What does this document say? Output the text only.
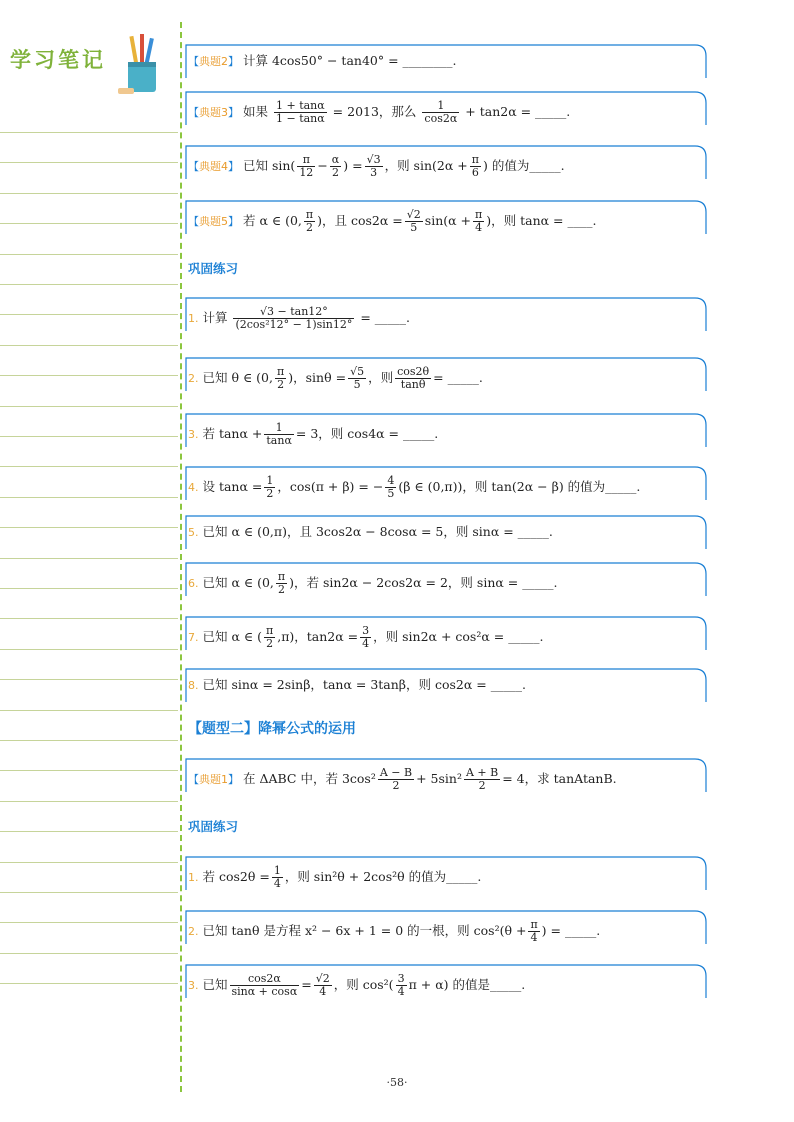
学习笔记	【典题2】 计算 4cos50° − tan40° = ________.
【典题3】 如果 $\frac{1 + \tan\alpha}{1 - \tan\alpha} = 2013$，那么 $\frac{1}{\cos 2\alpha} + \tan 2\alpha$ = _____.
【典题4】 已知 $\sin( \frac{\pi}{12} - \frac{\alpha}{2}$ ) = $\frac{√3}{3}$ ，则 $\sin(2\alpha + \frac{\pi}{6}$ ) 的值为_____.
【典题5】 若 α ∈ (0, $\frac{\pi}{2}$ )，且 $\cos 2\alpha = \frac{√2}{5} \sin(\alpha + \frac{\pi}{4}$ )，则 tanα = ____.
巩固练习
1. 计算 $\frac{√3 - \tan 12^\circ}{\text{(2cos²12° − 1)sin12°}}$ = _____.
2. 已知 θ ∈ (0, $\frac{\pi}{2}$ )，$\sin\theta = \frac{√5}{5}$ ，则 $\frac{\cos 2\theta}{\tan\theta}$ = _____.
3. 若 $\tan\alpha + \frac{1}{\tan\alpha} = 3$，则 cos4α = _____.
4. 设 $\tan\alpha = \frac{1}{2}$ ，cos(π + β) = − $\frac{4}{5} (\beta$ ∈ (0,π))，则 tan(2α − β) 的值为_____.
5. 已知 α ∈ (0,π)，且 3cos2α − 8cosα = 5，则 sinα = _____.
6. 已知 α ∈ (0, $\frac{\pi}{2}$ )，若 sin2α − 2cos2α = 2，则 sinα = _____.
7. 已知 α ∈ ( $\frac{\pi}{2} ,\pi$)，$\tan 2\alpha = \frac{3}{4}$ ，则 sin2α + cos²α = _____.
8. 已知 sinα = 2sinβ，tanα = 3tanβ，则 cos2α = _____.
【题型二】降幂公式的运用
【典题1】 在 ΔABC 中，若 $3\cos^2 \frac{A - B}{2} + 5\sin^2 \frac{A + B}{2} = 4$，求 tanAtanB.
巩固练习
1. 若 $\cos 2\theta = \frac{1}{4}$ ，则 sin²θ + 2cos²θ 的值为_____.
2. 已知 tanθ 是方程 x² − 6x + 1 = 0 的一根，则 $\cos^2(\theta + \frac{\pi}{4}$ ) = _____.
3. 已知 $\frac{\cos 2\alpha}{\sin\alpha + \cos\alpha} = \frac{√2}{4}$ ，则 $\cos^2( \frac{3}{4}$ π + α) 的值是_____.
·58·
